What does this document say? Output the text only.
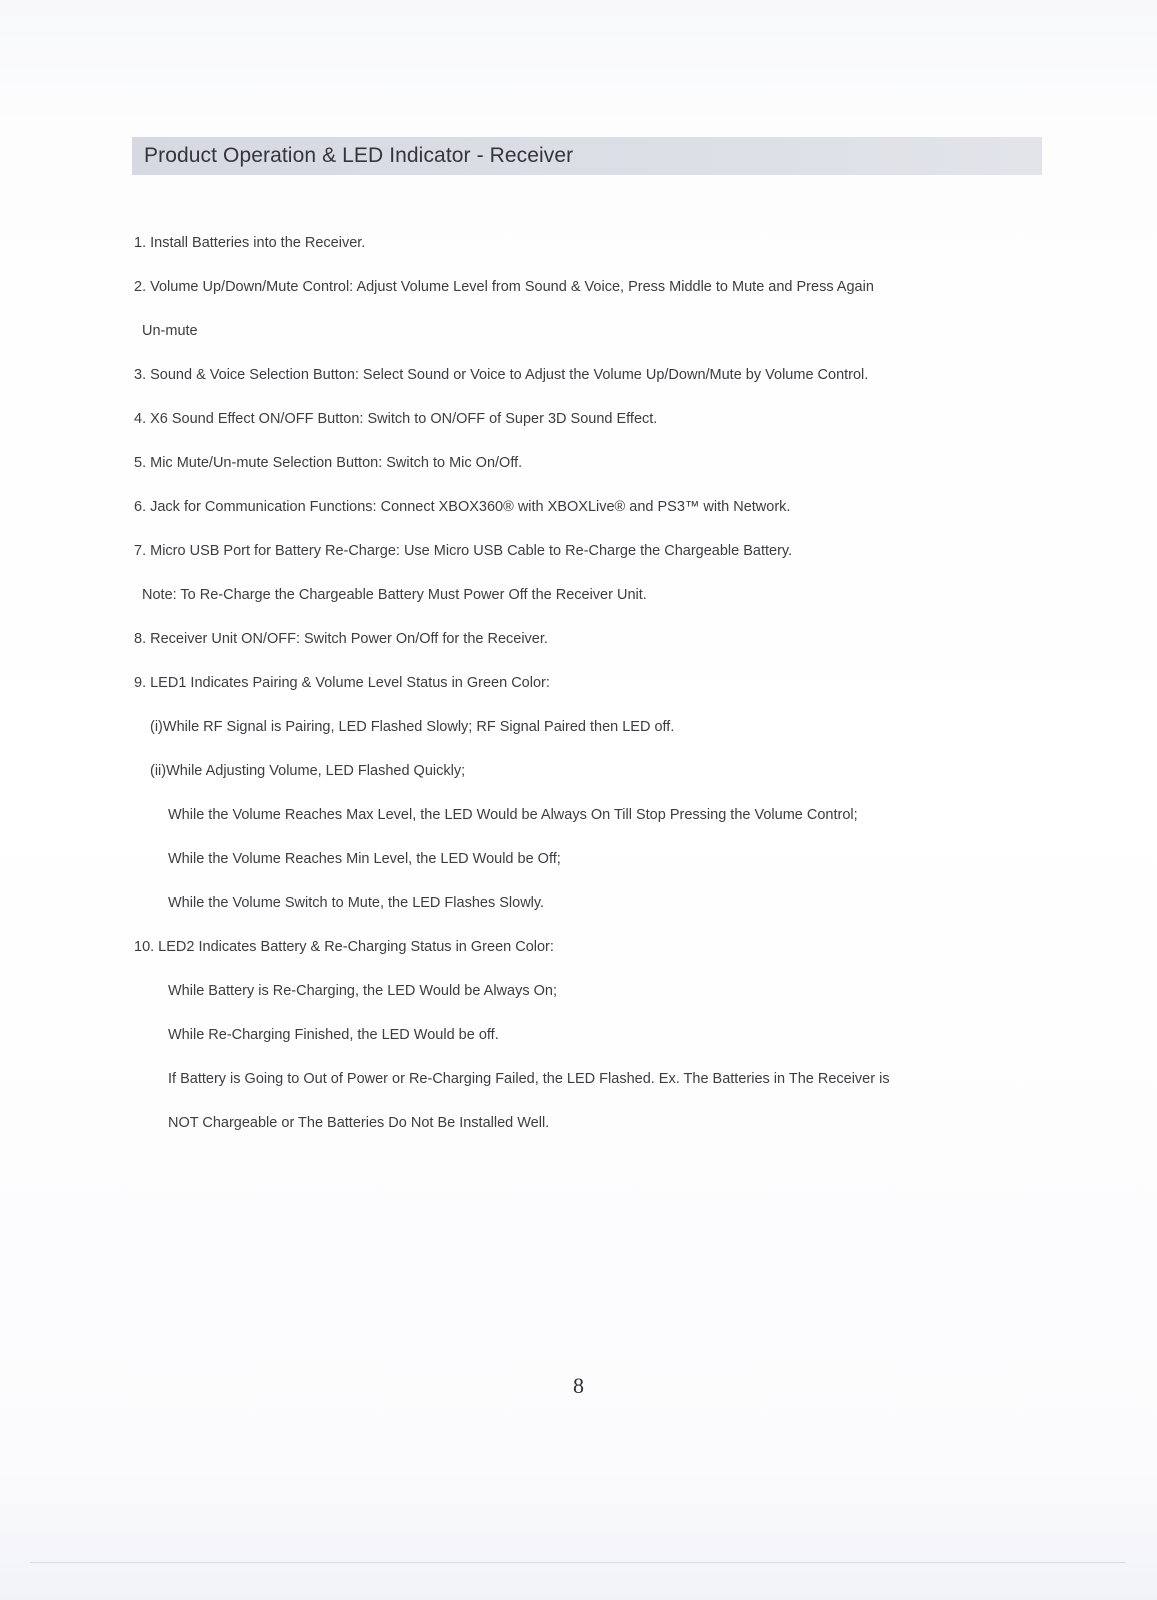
Product Operation & LED Indicator - Receiver
1. Install Batteries into the Receiver.
2. Volume Up/Down/Mute Control: Adjust Volume Level from Sound & Voice, Press Middle to Mute and Press Again
Un-mute
3. Sound & Voice Selection Button: Select Sound or Voice to Adjust the Volume Up/Down/Mute by Volume Control.
4. X6 Sound Effect ON/OFF Button: Switch to ON/OFF of Super 3D Sound Effect.
5. Mic Mute/Un-mute Selection Button: Switch to Mic On/Off.
6. Jack for Communication Functions: Connect XBOX360® with XBOXLive® and PS3™ with Network.
7. Micro USB Port for Battery Re-Charge: Use Micro USB Cable to Re-Charge the Chargeable Battery.
Note: To Re-Charge the Chargeable Battery Must Power Off the Receiver Unit.
8. Receiver Unit ON/OFF: Switch Power On/Off for the Receiver.
9. LED1 Indicates Pairing & Volume Level Status in Green Color:
(i)While RF Signal is Pairing, LED Flashed Slowly; RF Signal Paired then LED off.
(ii)While Adjusting Volume, LED Flashed Quickly;
While the Volume Reaches Max Level, the LED Would be Always On Till Stop Pressing the Volume Control;
While the Volume Reaches Min Level, the LED Would be Off;
While the Volume Switch to Mute, the LED Flashes Slowly.
10. LED2 Indicates Battery & Re-Charging Status in Green Color:
While Battery is Re-Charging, the LED Would be Always On;
While Re-Charging Finished, the LED Would be off.
If Battery is Going to Out of Power or Re-Charging Failed, the LED Flashed. Ex. The Batteries in The Receiver is
NOT Chargeable or The Batteries Do Not Be Installed Well.
8
